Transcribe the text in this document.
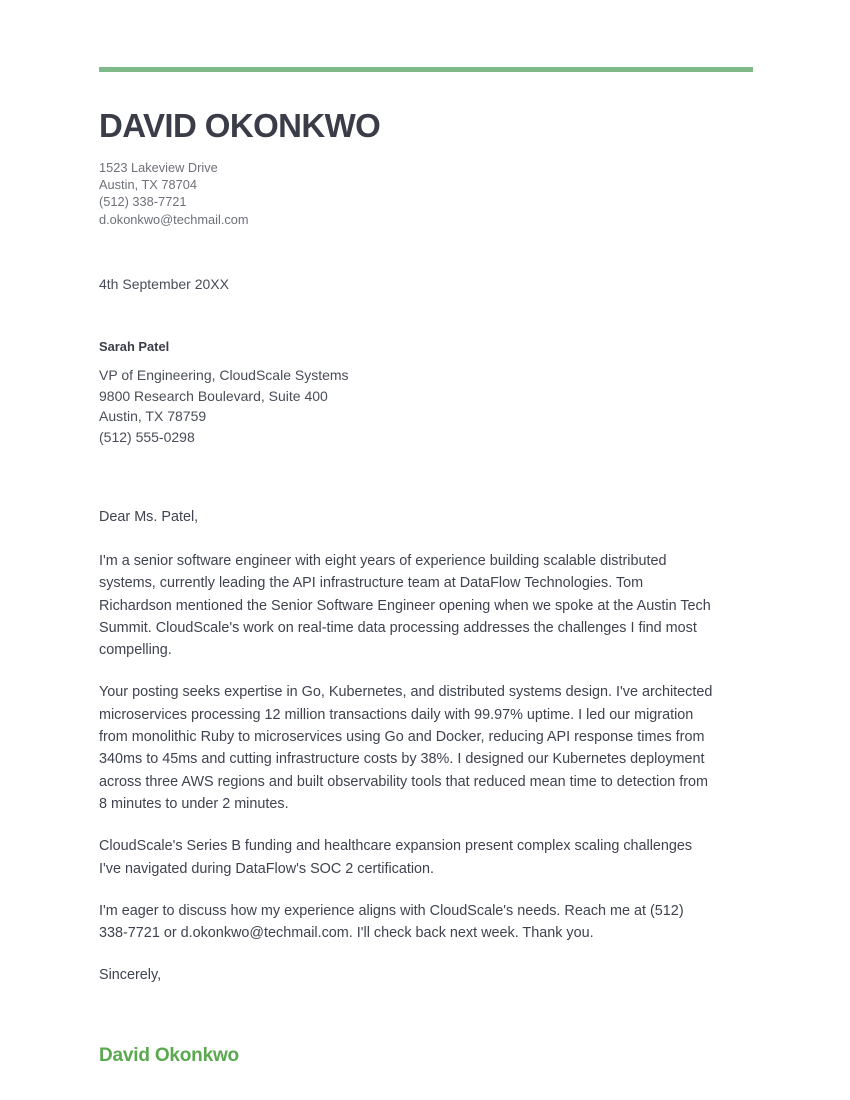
DAVID OKONKWO
1523 Lakeview Drive
Austin, TX 78704
(512) 338-7721
d.okonkwo@techmail.com
4th September 20XX
Sarah Patel
VP of Engineering, CloudScale Systems
9800 Research Boulevard, Suite 400
Austin, TX 78759
(512) 555-0298

Dear Ms. Patel,

I'm a senior software engineer with eight years of experience building scalable distributed systems, currently leading the API infrastructure team at DataFlow Technologies. Tom Richardson mentioned the Senior Software Engineer opening when we spoke at the Austin Tech Summit. CloudScale's work on real-time data processing addresses the challenges I find most compelling.

Your posting seeks expertise in Go, Kubernetes, and distributed systems design. I've architected microservices processing 12 million transactions daily with 99.97% uptime. I led our migration from monolithic Ruby to microservices using Go and Docker, reducing API response times from 340ms to 45ms and cutting infrastructure costs by 38%. I designed our Kubernetes deployment across three AWS regions and built observability tools that reduced mean time to detection from 8 minutes to under 2 minutes.

CloudScale's Series B funding and healthcare expansion present complex scaling challenges I've navigated during DataFlow's SOC 2 certification.

I'm eager to discuss how my experience aligns with CloudScale's needs. Reach me at (512) 338-7721 or d.okonkwo@techmail.com. I'll check back next week. Thank you.

Sincerely,

David Okonkwo
